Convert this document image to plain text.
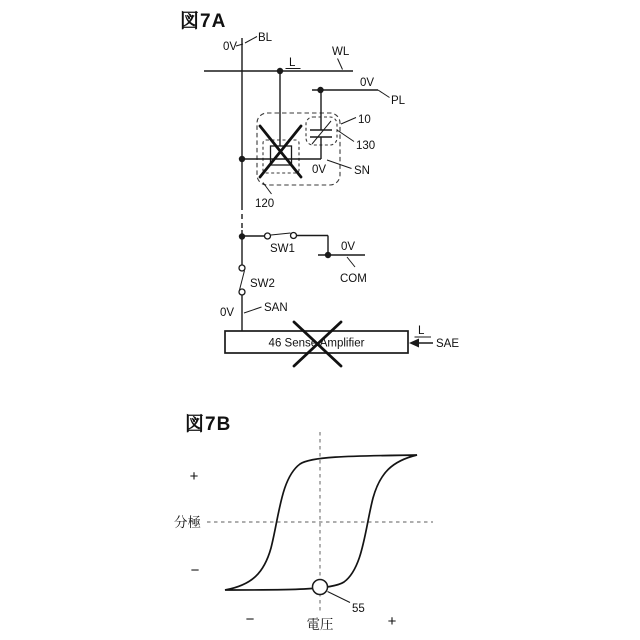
図7A
46 Sense Amplifier
0V
BL
WL
L
0V
PL
10
130
0V SN
120
SW1	0V
COM
SW2
SAN
0V
L
SAE
図7B
55
+
分極
−
−	電圧	+
